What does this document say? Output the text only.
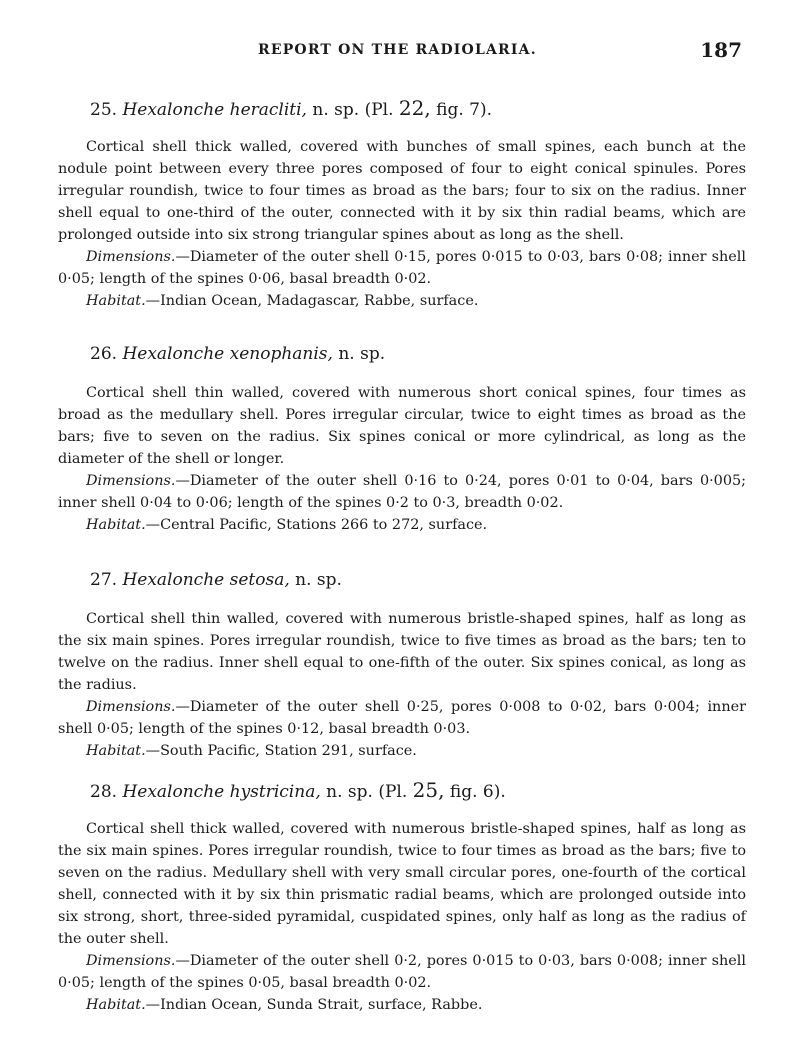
REPORT ON THE RADIOLARIA.	187
25. Hexalonche heracliti, n. sp. (Pl. 22, fig. 7).

Cortical shell thick walled, covered with bunches of small spines, each bunch at the nodule point between every three pores composed of four to eight conical spinules. Pores irregular roundish, twice to four times as broad as the bars; four to six on the radius. Inner shell equal to one-third of the outer, connected with it by six thin radial beams, which are prolonged outside into six strong triangular spines about as long as the shell.

Dimensions.—Diameter of the outer shell 0·15, pores 0·015 to 0·03, bars 0·08; inner shell 0·05; length of the spines 0·06, basal breadth 0·02.

Habitat.—Indian Ocean, Madagascar, Rabbe, surface.

26. Hexalonche xenophanis, n. sp.

Cortical shell thin walled, covered with numerous short conical spines, four times as broad as the medullary shell. Pores irregular circular, twice to eight times as broad as the bars; five to seven on the radius. Six spines conical or more cylindrical, as long as the diameter of the shell or longer.

Dimensions.—Diameter of the outer shell 0·16 to 0·24, pores 0·01 to 0·04, bars 0·005; inner shell 0·04 to 0·06; length of the spines 0·2 to 0·3, breadth 0·02.

Habitat.—Central Pacific, Stations 266 to 272, surface.

27. Hexalonche setosa, n. sp.

Cortical shell thin walled, covered with numerous bristle-shaped spines, half as long as the six main spines. Pores irregular roundish, twice to five times as broad as the bars; ten to twelve on the radius. Inner shell equal to one-fifth of the outer. Six spines conical, as long as the radius.

Dimensions.—Diameter of the outer shell 0·25, pores 0·008 to 0·02, bars 0·004; inner shell 0·05; length of the spines 0·12, basal breadth 0·03.

Habitat.—South Pacific, Station 291, surface.

28. Hexalonche hystricina, n. sp. (Pl. 25, fig. 6).

Cortical shell thick walled, covered with numerous bristle-shaped spines, half as long as the six main spines. Pores irregular roundish, twice to four times as broad as the bars; five to seven on the radius. Medullary shell with very small circular pores, one-fourth of the cortical shell, connected with it by six thin prismatic radial beams, which are prolonged outside into six strong, short, three-sided pyramidal, cuspidated spines, only half as long as the radius of the outer shell.

Dimensions.—Diameter of the outer shell 0·2, pores 0·015 to 0·03, bars 0·008; inner shell 0·05; length of the spines 0·05, basal breadth 0·02.

Habitat.—Indian Ocean, Sunda Strait, surface, Rabbe.
